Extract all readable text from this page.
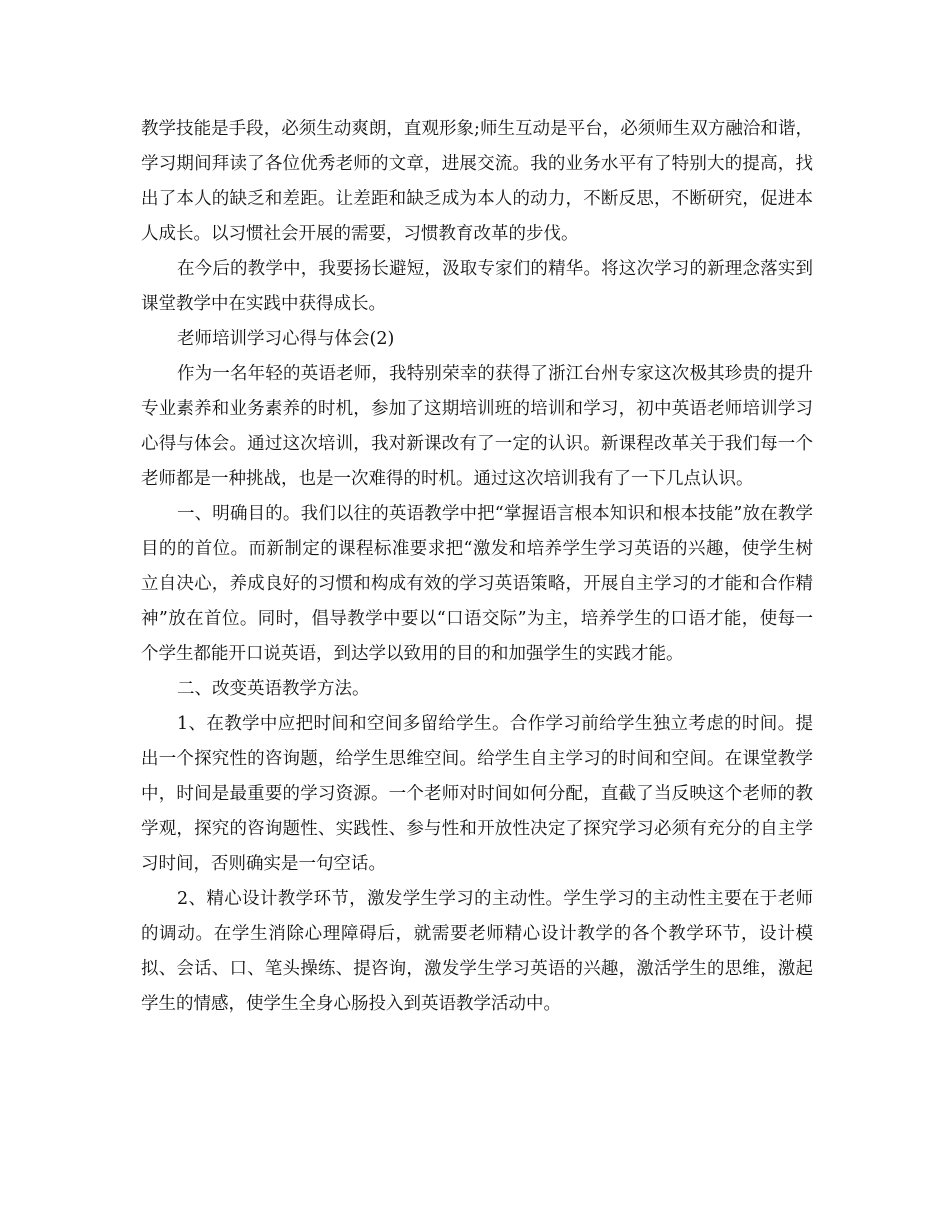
教学技能是手段，必须生动爽朗，直观形象;师生互动是平台，必须师生双方融洽和谐，学习期间拜读了各位优秀老师的文章，进展交流。我的业务水平有了特别大的提高，找出了本人的缺乏和差距。让差距和缺乏成为本人的动力，不断反思，不断研究，促进本人成长。以习惯社会开展的需要，习惯教育改革的步伐。

在今后的教学中，我要扬长避短，汲取专家们的精华。将这次学习的新理念落实到课堂教学中在实践中获得成长。

老师培训学习心得与体会(2)

作为一名年轻的英语老师，我特别荣幸的获得了浙江台州专家这次极其珍贵的提升专业素养和业务素养的时机，参加了这期培训班的培训和学习，初中英语老师培训学习心得与体会。通过这次培训，我对新课改有了一定的认识。新课程改革关于我们每一个老师都是一种挑战，也是一次难得的时机。通过这次培训我有了一下几点认识。

一、明确目的。我们以往的英语教学中把“掌握语言根本知识和根本技能”放在教学目的的首位。而新制定的课程标准要求把“激发和培养学生学习英语的兴趣，使学生树立自决心，养成良好的习惯和构成有效的学习英语策略，开展自主学习的才能和合作精神”放在首位。同时，倡导教学中要以“口语交际”为主，培养学生的口语才能，使每一个学生都能开口说英语，到达学以致用的目的和加强学生的实践才能。

二、改变英语教学方法。

1、在教学中应把时间和空间多留给学生。合作学习前给学生独立考虑的时间。提出一个探究性的咨询题，给学生思维空间。给学生自主学习的时间和空间。在课堂教学中，时间是最重要的学习资源。一个老师对时间如何分配，直截了当反映这个老师的教学观，探究的咨询题性、实践性、参与性和开放性决定了探究学习必须有充分的自主学习时间，否则确实是一句空话。

2、精心设计教学环节，激发学生学习的主动性。学生学习的主动性主要在于老师的调动。在学生消除心理障碍后，就需要老师精心设计教学的各个教学环节，设计模拟、会话、口、笔头操练、提咨询，激发学生学习英语的兴趣，激活学生的思维，激起学生的情感，使学生全身心肠投入到英语教学活动中。
